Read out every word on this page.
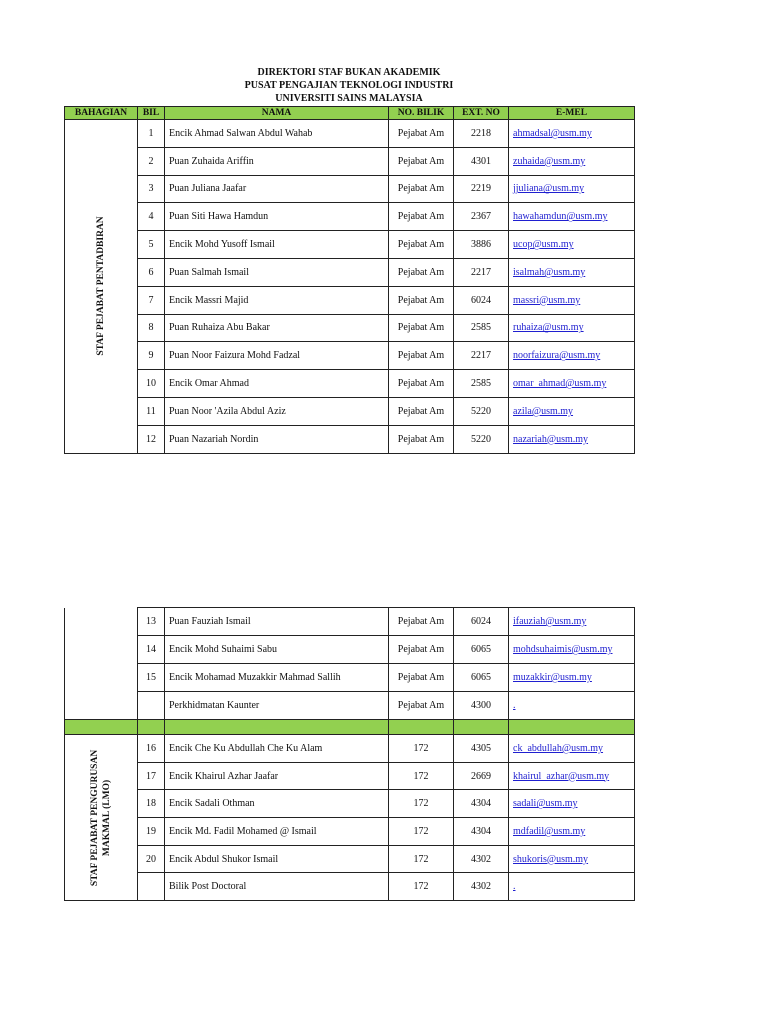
DIREKTORI STAF BUKAN AKADEMIK
PUSAT PENGAJIAN TEKNOLOGI INDUSTRI
UNIVERSITI SAINS MALAYSIA
BAHAGIAN	BIL	NAMA	NO. BILIK	EXT. NO	E-MEL

STAF PEJABAT PENTADBIRAN	1	Encik Ahmad Salwan Abdul Wahab	Pejabat Am	2218	ahmadsal@usm.my
	2	Puan Zuhaida Ariffin	Pejabat Am	4301	zuhaida@usm.my
	3	Puan Juliana Jaafar	Pejabat Am	2219	jjuliana@usm.my
	4	Puan Siti Hawa Hamdun	Pejabat Am	2367	hawahamdun@usm.my
	5	Encik Mohd Yusoff Ismail	Pejabat Am	3886	ucop@usm.my
	6	Puan Salmah Ismail	Pejabat Am	2217	isalmah@usm.my
	7	Encik Massri Majid	Pejabat Am	6024	massri@usm.my
	8	Puan Ruhaiza Abu Bakar	Pejabat Am	2585	ruhaiza@usm.my
	9	Puan Noor Faizura Mohd Fadzal	Pejabat Am	2217	noorfaizura@usm.my
	10	Encik Omar Ahmad	Pejabat Am	2585	omar_ahmad@usm.my
	11	Puan Noor 'Azila Abdul Aziz	Pejabat Am	5220	azila@usm.my
	12	Puan Nazariah Nordin	Pejabat Am	5220	nazariah@usm.my
	13	Puan Fauziah Ismail	Pejabat Am	6024	ifauziah@usm.my
	14	Encik Mohd Suhaimi Sabu	Pejabat Am	6065	mohdsuhaimis@usm.my
	15	Encik Mohamad Muzakkir Mahmad Sallih	Pejabat Am	6065	muzakkir@usm.my
		Perkhidmatan Kaunter	Pejabat Am	4300	.

STAF PEJABAT PENGURUSAN MAKMAL (LMO)	16	Encik Che Ku Abdullah Che Ku Alam	172	4305	ck_abdullah@usm.my
	17	Encik Khairul Azhar Jaafar	172	2669	khairul_azhar@usm.my
	18	Encik Sadali Othman	172	4304	sadali@usm.my
	19	Encik Md. Fadil Mohamed @ Ismail	172	4304	mdfadil@usm.my
	20	Encik Abdul Shukor Ismail	172	4302	shukoris@usm.my
		Bilik Post Doctoral	172	4302	.
